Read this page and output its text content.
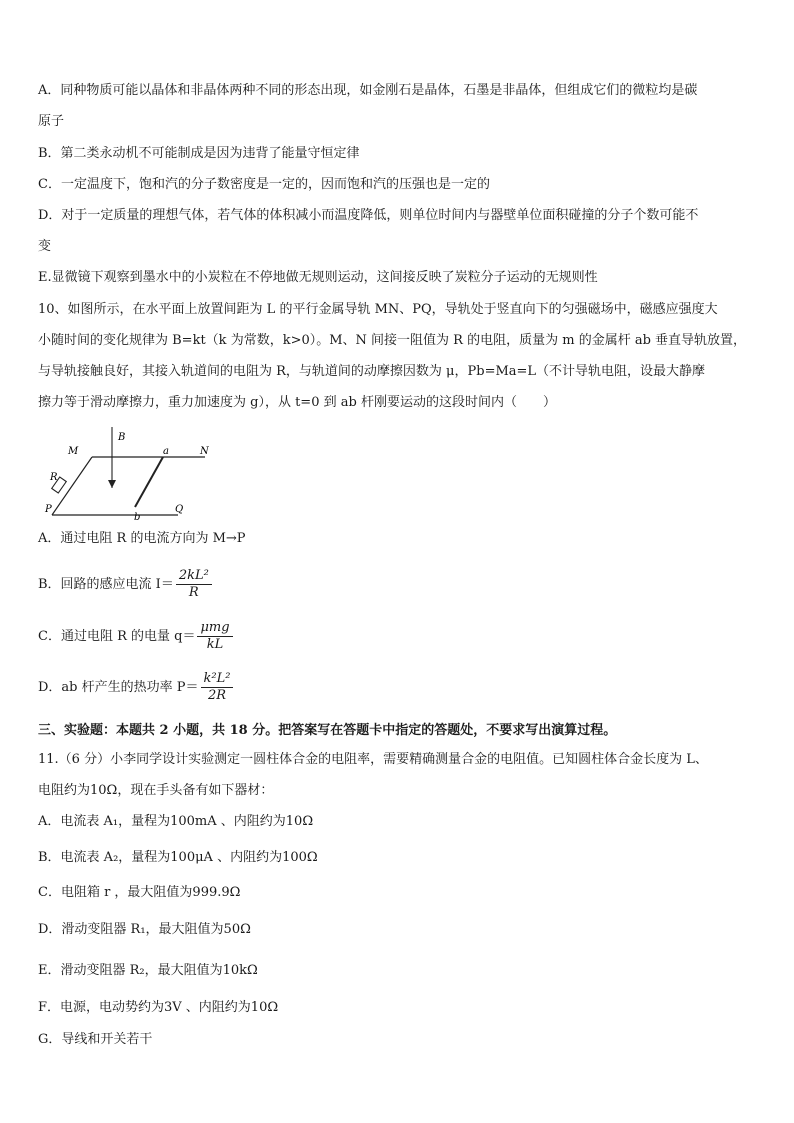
A．同种物质可能以晶体和非晶体两种不同的形态出现，如金刚石是晶体，石墨是非晶体，但组成它们的微粒均是碳
原子
B．第二类永动机不可能制成是因为违背了能量守恒定律
C．一定温度下，饱和汽的分子数密度是一定的，因而饱和汽的压强也是一定的
D．对于一定质量的理想气体，若气体的体积减小而温度降低，则单位时间内与器壁单位面积碰撞的分子个数可能不
变
E.显微镜下观察到墨水中的小炭粒在不停地做无规则运动，这间接反映了炭粒分子运动的无规则性
10、如图所示，在水平面上放置间距为 L 的平行金属导轨 MN、PQ，导轨处于竖直向下的匀强磁场中，磁感应强度大
小随时间的变化规律为 B=kt（k 为常数，k>0）。M、N 间接一阻值为 R 的电阻，质量为 m 的金属杆 ab 垂直导轨放置，
与导轨接触良好，其接入轨道间的电阻为 R，与轨道间的动摩擦因数为 μ，Pb=Ma=L（不计导轨电阻，设最大静摩
擦力等于滑动摩擦力，重力加速度为 g），从 t=0 到 ab 杆刚要运动的这段时间内（　　）
B
M	a	N
R
P
b
Q
A．通过电阻 R 的电流方向为 M→P
B．回路的感应电流 $I= \frac{\text{2kL²}}{R}$
C．通过电阻 R 的电量 $q= \frac{\text{μmg}}{kL}$
D．ab 杆产生的热功率 $P= \frac{\text{k²L²}}{2R}$
三、实验题：本题共 2 小题，共 18 分。把答案写在答题卡中指定的答题处，不要求写出演算过程。
11.（6 分）小李同学设计实验测定一圆柱体合金的电阻率，需要精确测量合金的电阻值。已知圆柱体合金长度为 L、
电阻约为10Ω，现在手头备有如下器材：
A．电流表 A₁，量程为100mA 、内阻约为10Ω
B．电流表 A₂，量程为100μA 、内阻约为100Ω
C．电阻箱 r ，最大阻值为999.9Ω
D．滑动变阻器 R₁，最大阻值为50Ω
E．滑动变阻器 R₂，最大阻值为10kΩ
F．电源，电动势约为3V 、内阻约为10Ω
G．导线和开关若干
